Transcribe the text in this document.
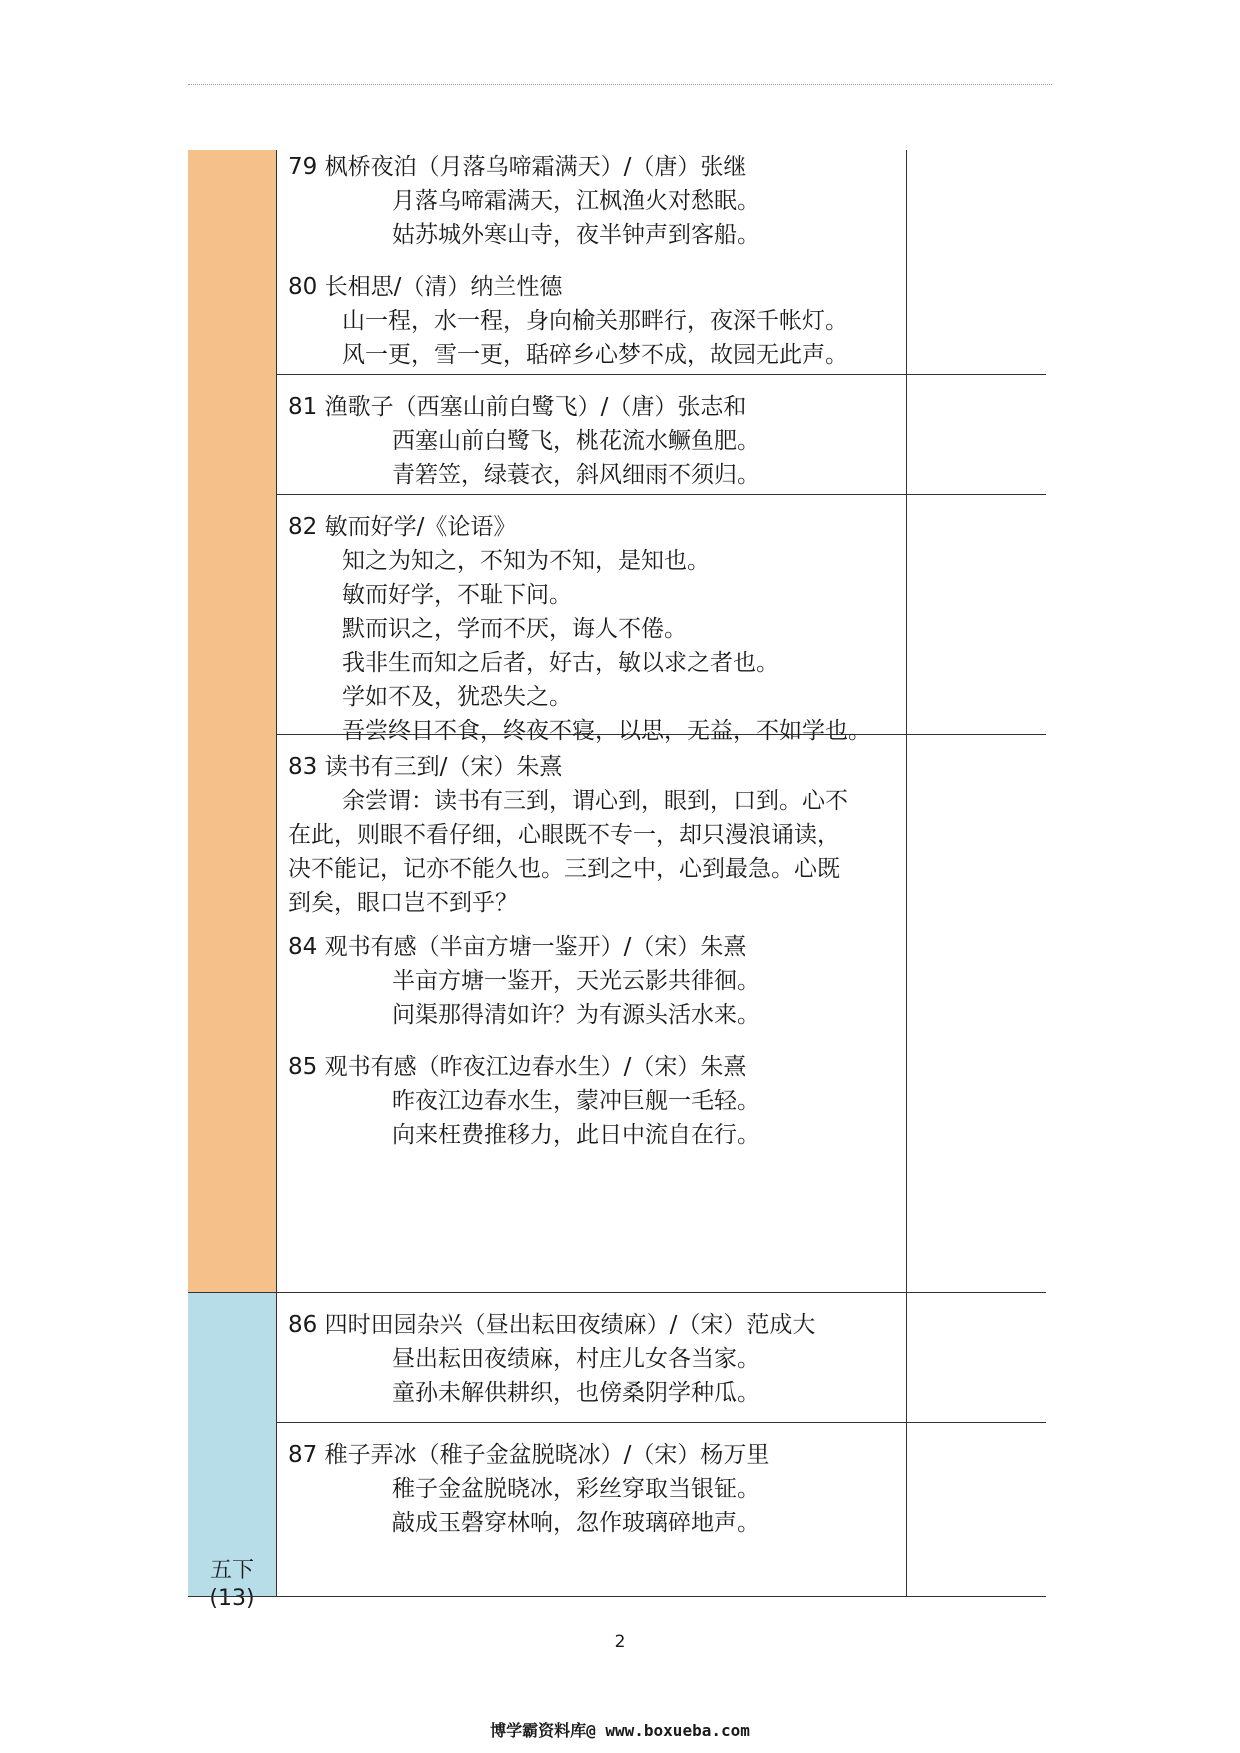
五下
(13)
79 枫桥夜泊（月落乌啼霜满天）/（唐）张继
月落乌啼霜满天，江枫渔火对愁眠。
姑苏城外寒山寺，夜半钟声到客船。
80 长相思/（清）纳兰性德
山一程，水一程，身向榆关那畔行，夜深千帐灯。
风一更，雪一更，聒碎乡心梦不成，故园无此声。
81 渔歌子（西塞山前白鹭飞）/（唐）张志和
西塞山前白鹭飞，桃花流水鳜鱼肥。
青箬笠，绿蓑衣，斜风细雨不须归。
82 敏而好学/《论语》
知之为知之，不知为不知，是知也。
敏而好学，不耻下问。
默而识之，学而不厌，诲人不倦。
我非生而知之后者，好古，敏以求之者也。
学如不及，犹恐失之。
吾尝终日不食，终夜不寝，以思，无益，不如学也。
83 读书有三到/（宋）朱熹
余尝谓：读书有三到，谓心到，眼到，口到。心不
在此，则眼不看仔细，心眼既不专一，却只漫浪诵读，
决不能记，记亦不能久也。三到之中，心到最急。心既
到矣，眼口岂不到乎？
84 观书有感（半亩方塘一鉴开）/（宋）朱熹
半亩方塘一鉴开，天光云影共徘徊。
问渠那得清如许？为有源头活水来。
85 观书有感（昨夜江边春水生）/（宋）朱熹
昨夜江边春水生，蒙冲巨舰一毛轻。
向来枉费推移力，此日中流自在行。
86 四时田园杂兴（昼出耘田夜绩麻）/（宋）范成大
昼出耘田夜绩麻，村庄儿女各当家。
童孙未解供耕织，也傍桑阴学种瓜。
87 稚子弄冰（稚子金盆脱晓冰）/（宋）杨万里
稚子金盆脱晓冰，彩丝穿取当银钲。
敲成玉磬穿林响，忽作玻璃碎地声。
2
博学霸资料库@ www.boxueba.com
